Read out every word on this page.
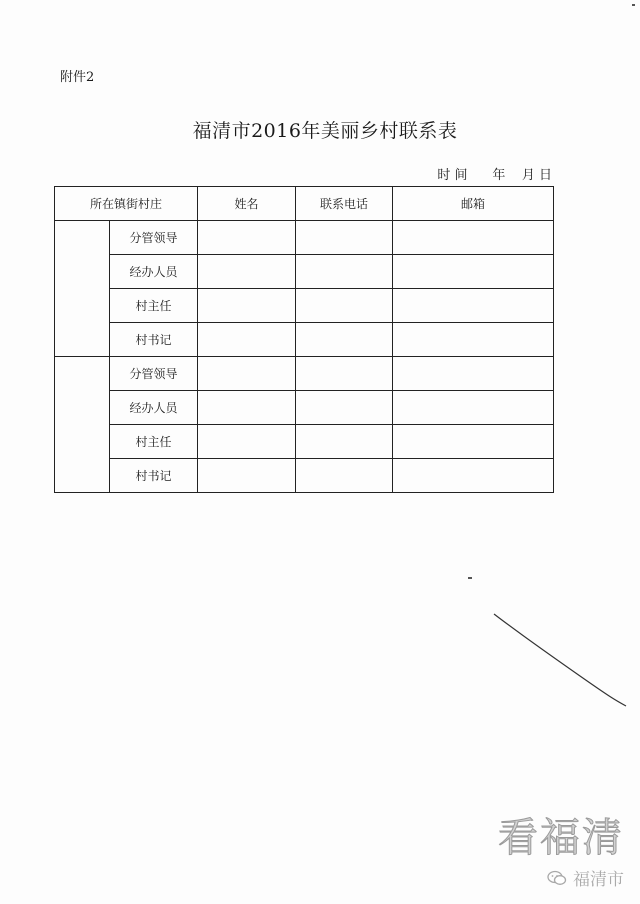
附件2
福清市2016年美丽乡村联系表
时 间      年    月 日
所在镇街村庄		姓名	联系电话	邮箱
	分管领导			
	经办人员			
	村主任			
	村书记			
	分管领导			
	经办人员			
	村主任			
	村书记			
看福清
福清市
